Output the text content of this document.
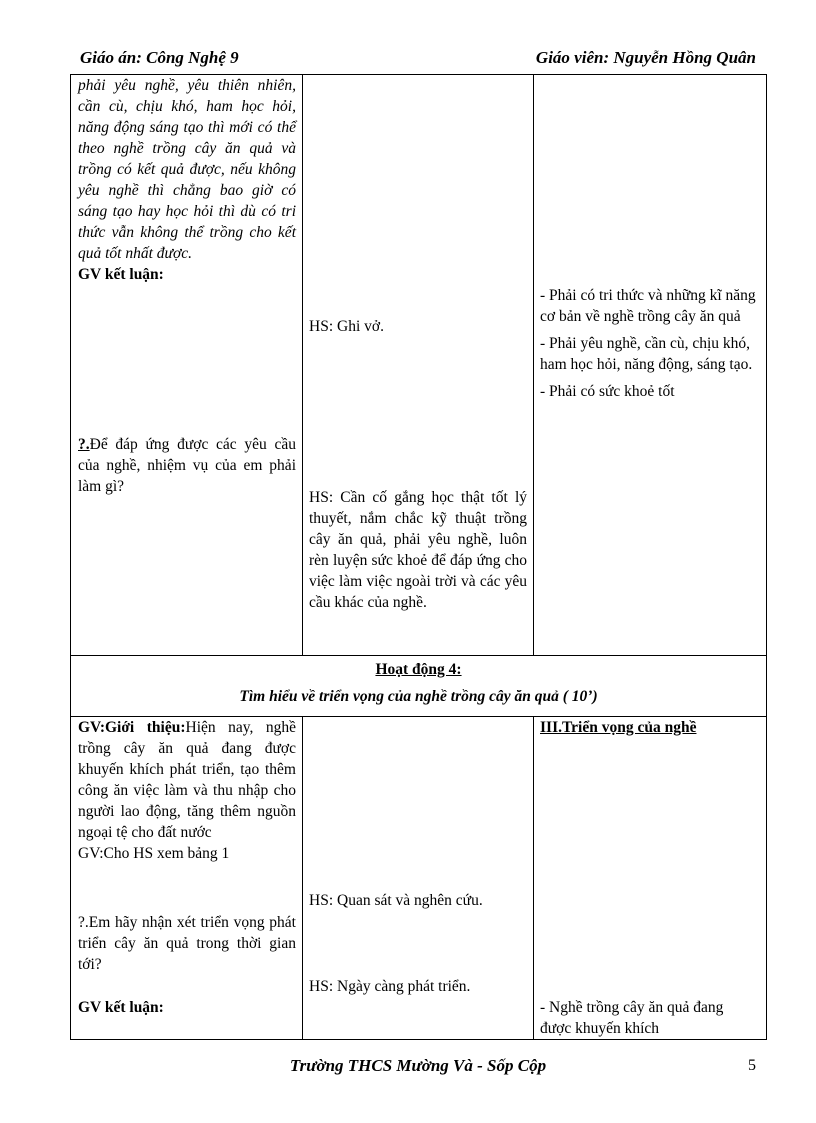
Giáo án: Công Nghệ 9	Giáo viên: Nguyễn Hồng Quân

phải yêu nghề, yêu thiên nhiên, cần cù, chịu khó, ham học hỏi, năng động sáng tạo thì mới có thể theo nghề trồng cây ăn quả và trồng có kết quả được, nếu không yêu nghề thì chẳng bao giờ có sáng tạo hay học hỏi thì dù có tri thức vẫn không thể trồng cho kết quả tốt nhất được.

GV kết luận:

?.Để đáp ứng được các yêu cầu của nghề, nhiệm vụ của em phải làm gì?

HS: Ghi vở.

HS: Cần cố gắng học thật tốt lý thuyết, nắm chắc kỹ thuật trồng cây ăn quả, phải yêu nghề, luôn rèn luyện sức khoẻ để đáp ứng cho việc làm việc ngoài trời và các yêu cầu khác của nghề.

- Phải có tri thức và những kĩ năng cơ bản về nghề trồng cây ăn quả

- Phải yêu nghề, cần cù, chịu khó, ham học hỏi, năng động, sáng tạo.

- Phải có sức khoẻ tốt

Hoạt động 4:

Tìm hiểu về triển vọng của nghề trồng cây ăn quả ( 10’)

GV:Giới thiệu:Hiện nay, nghề trồng cây ăn quả đang được khuyến khích phát triển, tạo thêm công ăn việc làm và thu nhập cho người lao động, tăng thêm nguồn ngoại tệ cho đất nước

GV:Cho HS xem bảng 1

?.Em hãy nhận xét triển vọng phát triển cây ăn quả trong thời gian tới?

GV kết luận:

HS: Quan sát và nghên cứu.

HS: Ngày càng phát triển.

III.Triển vọng của nghề

- Nghề trồng cây ăn quả đang được khuyến khích

Trường THCS Mường Và - Sốp Cộp	5
